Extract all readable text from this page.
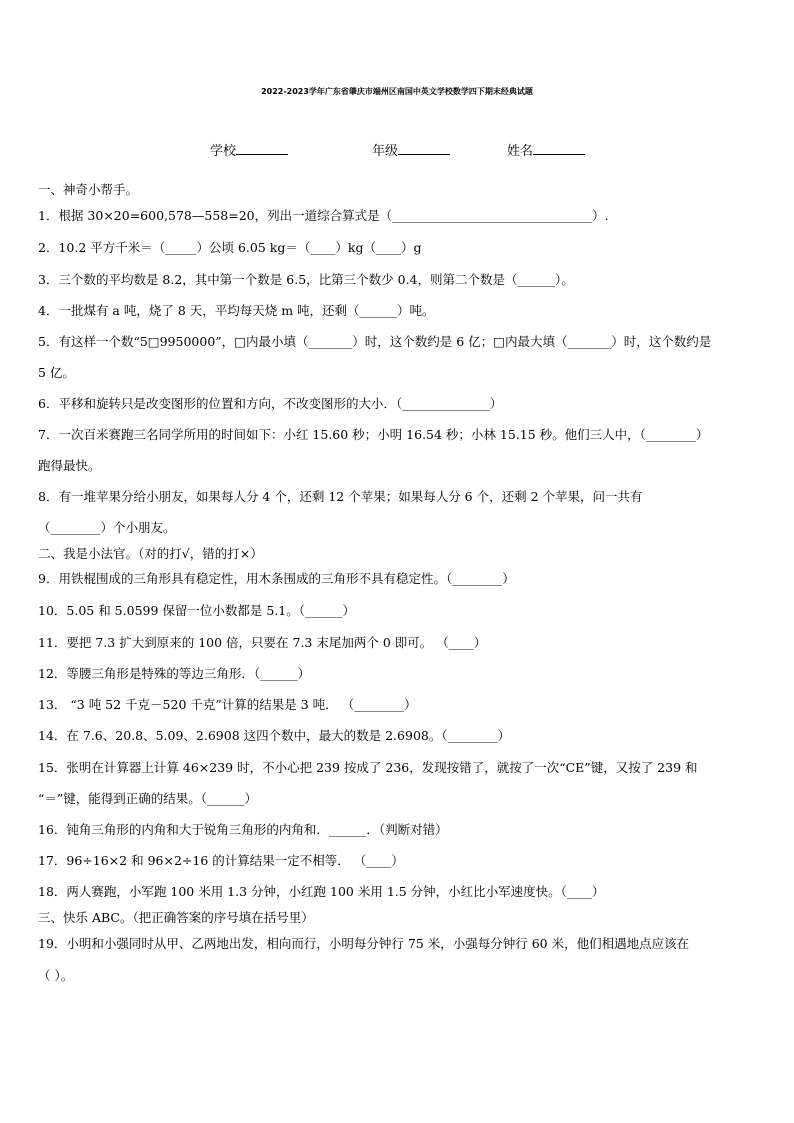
2022-2023学年广东省肇庆市端州区南国中英文学校数学四下期末经典试题
学校	年级	姓名
一、神奇小帮手。
1．根据 30×20=600,578—558=20，列出一道综合算式是（________________________________）.
2．10.2 平方千米＝（_____）公顷 6.05 kg＝（____）kg（____）g
3．三个数的平均数是 8.2，其中第一个数是 6.5，比第三个数少 0.4，则第二个数是（______）。
4．一批煤有 a 吨，烧了 8 天，平均每天烧 m 吨，还剩（______）吨。
5．有这样一个数“5□9950000”，□内最小填（_______）时，这个数约是 6 亿；□内最大填（_______）时，这个数约是
5 亿。
6．平移和旋转只是改变图形的位置和方向，不改变图形的大小．（______________）
7．一次百米赛跑三名同学所用的时间如下：小红 15.60 秒；小明 16.54 秒；小林 15.15 秒。他们三人中，（________）
跑得最快。
8．有一堆苹果分给小朋友，如果每人分 4 个，还剩 12 个苹果；如果每人分 6 个，还剩 2 个苹果，问一共有
（________）个小朋友。
二、我是小法官。（对的打√，错的打×）
9．用铁棍围成的三角形具有稳定性，用木条围成的三角形不具有稳定性。（________）
10．5.05 和 5.0599 保留一位小数都是 5.1。（______）
11．要把 7.3 扩大到原来的 100 倍，只要在 7.3 末尾加两个 0 即可。 （____）
12．等腰三角形是特殊的等边三角形．（______）
13． “3 吨 52 千克－520 千克”计算的结果是 3 吨． （________）
14．在 7.6、20.8、5.09、2.6908 这四个数中，最大的数是 2.6908。（________）
15．张明在计算器上计算 46×239 时，不小心把 239 按成了 236，发现按错了，就按了一次“CE”键，又按了 239 和
“＝”键，能得到正确的结果。（______）
16．钝角三角形的内角和大于锐角三角形的内角和．______．（判断对错）
17．96÷16×2 和 96×2÷16 的计算结果一定不相等． （____）
18．两人赛跑，小军跑 100 米用 1.3 分钟，小红跑 100 米用 1.5 分钟，小红比小军速度快。（____）
三、快乐 ABC。（把正确答案的序号填在括号里）
19．小明和小强同时从甲、乙两地出发，相向而行，小明每分钟行 75 米，小强每分钟行 60 米，他们相遇地点应该在
（ ）。
